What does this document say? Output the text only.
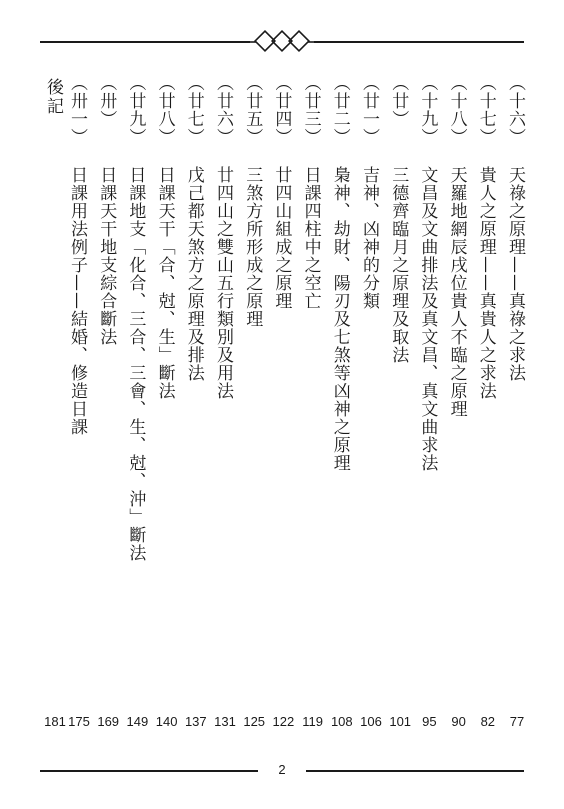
（十六）
天祿之原理——真祿之求法
77
（十七）
貴人之原理——真貴人之求法
82
（十八）
天羅地網辰戌位貴人不臨之原理
90
（十九）
文昌及文曲排法及真文昌、真文曲求法
95
（廿）
三德齊臨月之原理及取法
101
（廿一）
吉神、凶神的分類
106
（廿二）
梟神、劫財、陽刃及七煞等凶神之原理
108
（廿三）
日課四柱中之空亡
119
（廿四）
廿四山組成之原理
122
（廿五）
三煞方所形成之原理
125
（廿六）
廿四山之雙山五行類別及用法
131
（廿七）
戊己都天煞方之原理及排法
137
（廿八）
日課天干「合、尅、生」斷法
140
（廿九）
日課地支「化合、三合、三會、生、尅、沖」斷法
149
（卅）
日課天干地支綜合斷法
169
（卅一）
日課用法例子——結婚、修造日課
175
後記
181
2
